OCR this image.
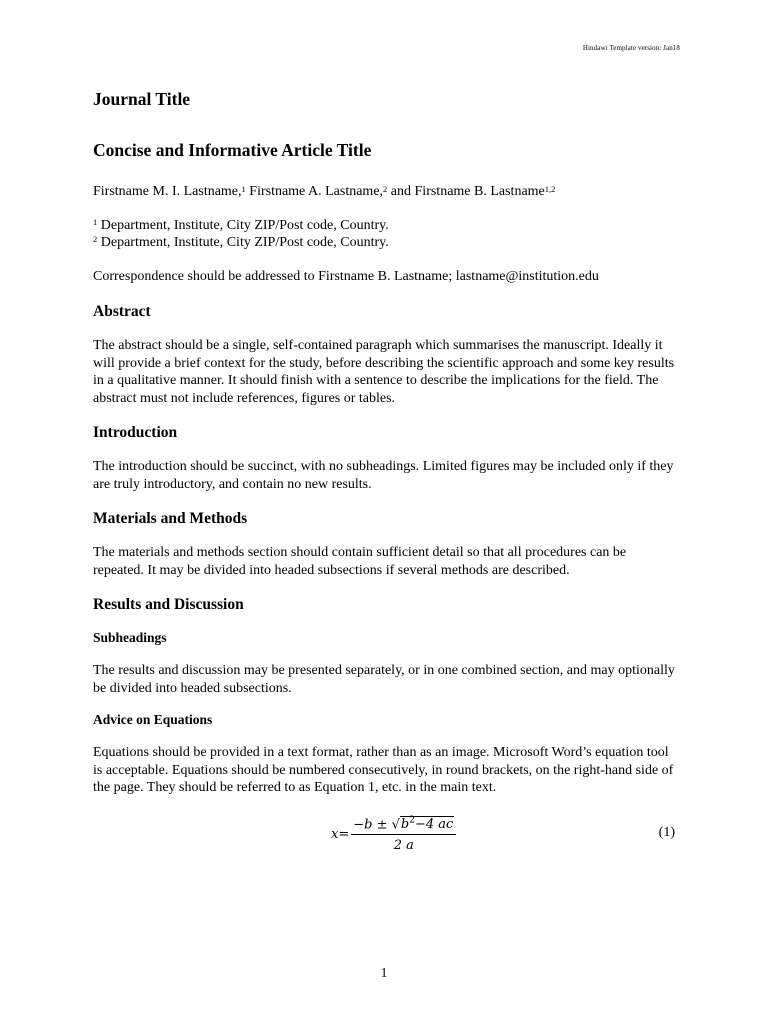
Hindawi Template version: Jan18
Journal Title
Concise and Informative Article Title
Firstname M. I. Lastname,$^1$ Firstname A. Lastname,$^2$ and Firstname B. Lastname$^{1,2}$
$^1$ Department, Institute, City ZIP/Post code, Country.
$^2$ Department, Institute, City ZIP/Post code, Country.
Correspondence should be addressed to Firstname B. Lastname; lastname@institution.edu
Abstract

The abstract should be a single, self-contained paragraph which summarises the manuscript. Ideally it will provide a brief context for the study, before describing the scientific approach and some key results in a qualitative manner. It should finish with a sentence to describe the implications for the field. The abstract must not include references, figures or tables.

Introduction

The introduction should be succinct, with no subheadings. Limited figures may be included only if they are truly introductory, and contain no new results.

Materials and Methods

The materials and methods section should contain sufficient detail so that all procedures can be repeated. It may be divided into headed subsections if several methods are described.

Results and Discussion
Subheadings

The results and discussion may be presented separately, or in one combined section, and may optionally be divided into headed subsections.

Advice on Equations

Equations should be provided in a text format, rather than as an image. Microsoft Word’s equation tool is acceptable. Equations should be numbered consecutively, in round brackets, on the right-hand side of the page. They should be referred to as Equation 1, etc. in the main text.

$x= \frac{-b \pm √b^2-4 ac}{2 a}$	(1)
1
